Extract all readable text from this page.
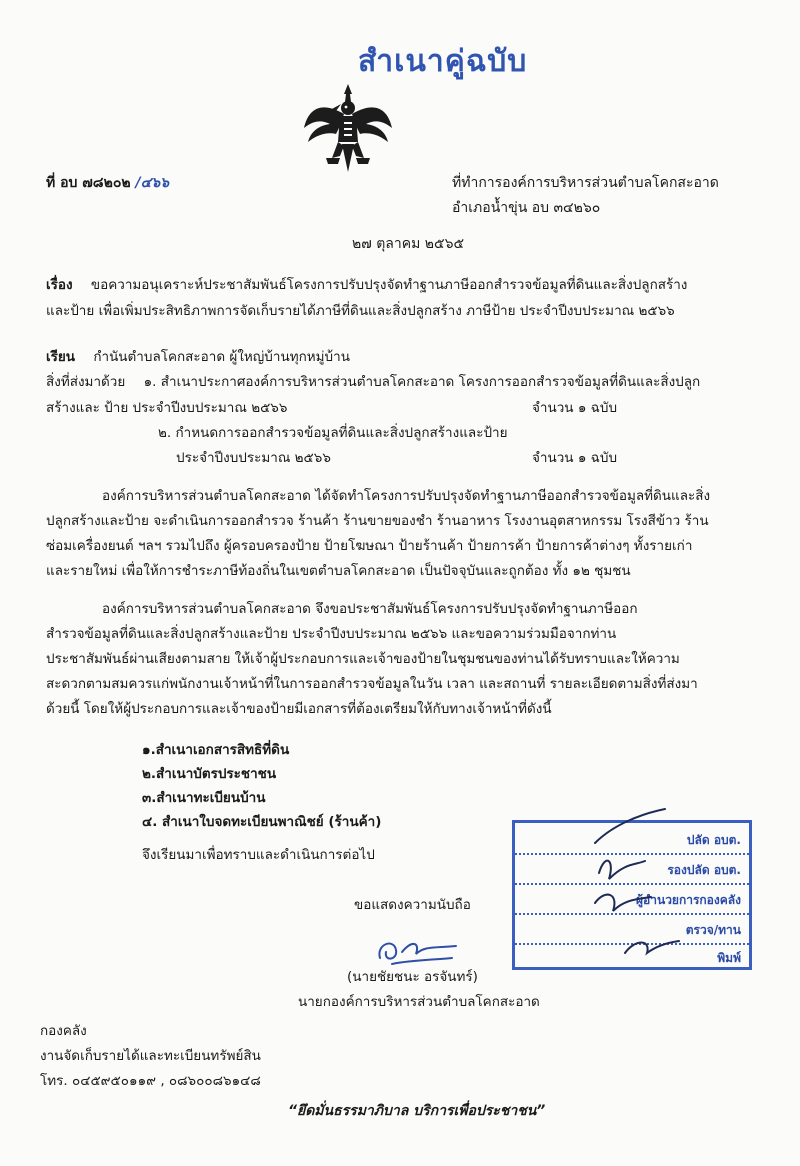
สำเนาคู่ฉบับ
ที่ อบ ๗๘๒๐๒ /๔๖๖	ที่ทำการองค์การบริหารส่วนตำบลโคกสะอาด
อำเภอน้ำขุ่น อบ ๓๔๒๖๐
๒๗ ตุลาคม ๒๕๖๕
เรื่อง ขอความอนุเคราะห์ประชาสัมพันธ์โครงการปรับปรุงจัดทำฐานภาษีออกสำรวจข้อมูลที่ดินและสิ่งปลูกสร้าง
และป้าย เพื่อเพิ่มประสิทธิภาพการจัดเก็บรายได้ภาษีที่ดินและสิ่งปลูกสร้าง ภาษีป้าย ประจำปีงบประมาณ ๒๕๖๖
เรียน กำนันตำบลโคกสะอาด ผู้ใหญ่บ้านทุกหมู่บ้าน
สิ่งที่ส่งมาด้วย ๑. สำเนาประกาศองค์การบริหารส่วนตำบลโคกสะอาด โครงการออกสำรวจข้อมูลที่ดินและสิ่งปลูก
สร้างและ ป้าย ประจำปีงบประมาณ ๒๕๖๖	จำนวน ๑ ฉบับ
๒. กำหนดการออกสำรวจข้อมูลที่ดินและสิ่งปลูกสร้างและป้าย
ประจำปีงบประมาณ ๒๕๖๖	จำนวน ๑ ฉบับ
องค์การบริหารส่วนตำบลโคกสะอาด ได้จัดทำโครงการปรับปรุงจัดทำฐานภาษีออกสำรวจข้อมูลที่ดินและสิ่ง
ปลูกสร้างและป้าย จะดำเนินการออกสำรวจ ร้านค้า ร้านขายของชำ ร้านอาหาร โรงงานอุตสาหกรรม โรงสีข้าว ร้าน
ซ่อมเครื่องยนต์ ฯลฯ รวมไปถึง ผู้ครอบครองป้าย ป้ายโฆษณา ป้ายร้านค้า ป้ายการค้า ป้ายการค้าต่างๆ ทั้งรายเก่า
และรายใหม่ เพื่อให้การชำระภาษีท้องถิ่นในเขตตำบลโคกสะอาด เป็นปัจจุบันและถูกต้อง ทั้ง ๑๒ ชุมชน
องค์การบริหารส่วนตำบลโคกสะอาด จึงขอประชาสัมพันธ์โครงการปรับปรุงจัดทำฐานภาษีออก
สำรวจข้อมูลที่ดินและสิ่งปลูกสร้างและป้าย ประจำปีงบประมาณ ๒๕๖๖ และขอความร่วมมือจากท่าน
ประชาสัมพันธ์ผ่านเสียงตามสาย ให้เจ้าผู้ประกอบการและเจ้าของป้ายในชุมชนของท่านได้รับทราบและให้ความ
สะดวกตามสมควรแก่พนักงานเจ้าหน้าที่ในการออกสำรวจข้อมูลในวัน เวลา และสถานที่ รายละเอียดตามสิ่งที่ส่งมา
ด้วยนี้ โดยให้ผู้ประกอบการและเจ้าของป้ายมีเอกสารที่ต้องเตรียมให้กับทางเจ้าหน้าที่ดังนี้
๑.สำเนาเอกสารสิทธิที่ดิน
๒.สำเนาบัตรประชาชน
๓.สำเนาทะเบียนบ้าน
๔. สำเนาใบจดทะเบียนพาณิชย์ (ร้านค้า)
จึงเรียนมาเพื่อทราบและดำเนินการต่อไป
ปลัด อบต.
รองปลัด อบต.
ผู้อำนวยการกองคลัง
ตรวจ/ทาน
พิมพ์
ขอแสดงความนับถือ
(นายชัยชนะ อรจันทร์)
นายกองค์การบริหารส่วนตำบลโคกสะอาด
กองคลัง
งานจัดเก็บรายได้และทะเบียนทรัพย์สิน
โทร. ๐๔๕๙๕๐๑๑๙ , ๐๘๖๐๐๘๖๑๔๘
“ยึดมั่นธรรมาภิบาล บริการเพื่อประชาชน”
